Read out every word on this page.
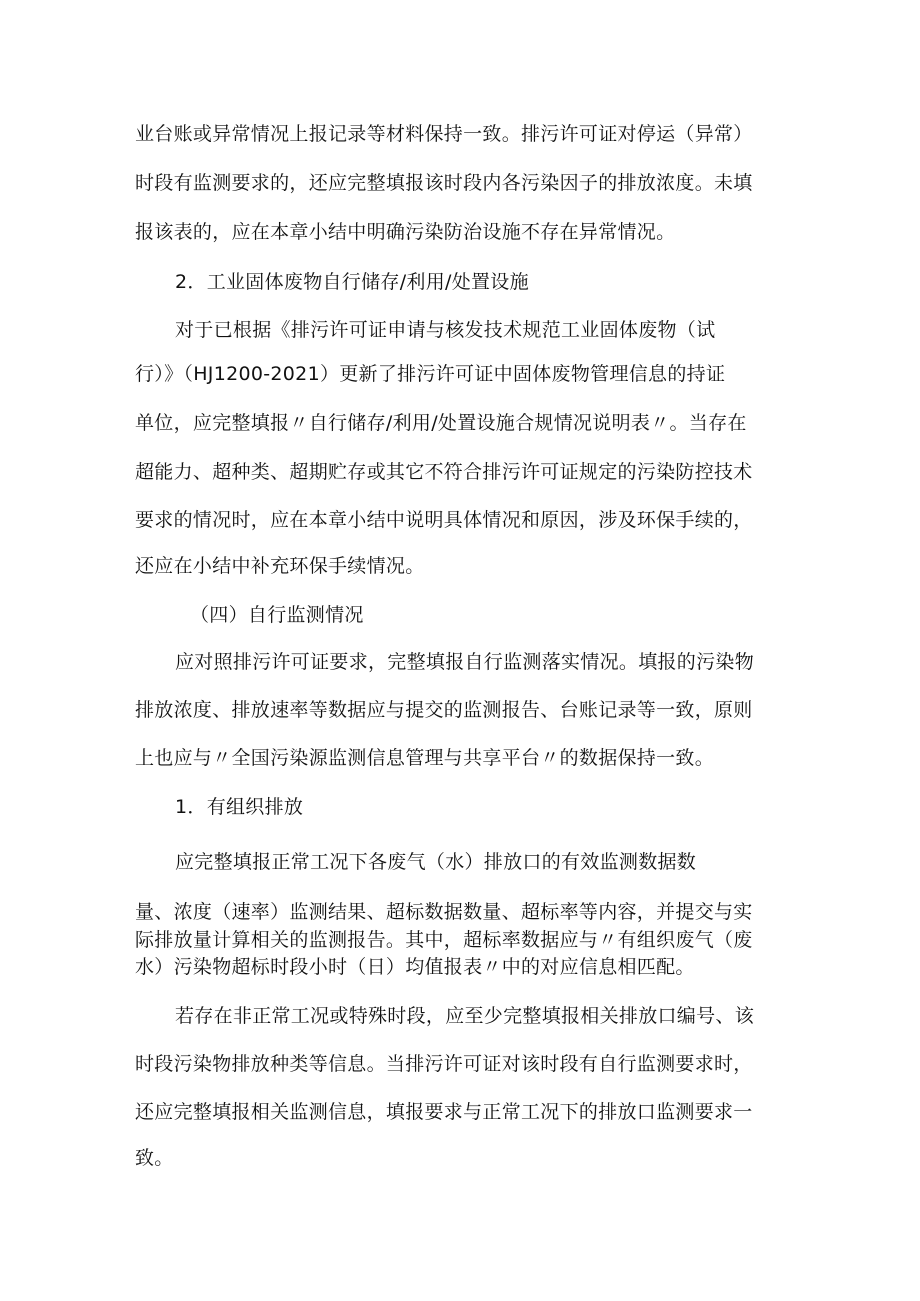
业台账或异常情况上报记录等材料保持一致。排污许可证对停运（异常）
时段有监测要求的，还应完整填报该时段内各污染因子的排放浓度。未填
报该表的，应在本章小结中明确污染防治设施不存在异常情况。
2．工业固体废物自行储存/利用/处置设施
对于已根据《排污许可证申请与核发技术规范工业固体废物（试
行）》（HJ1200-2021）更新了排污许可证中固体废物管理信息的持证
单位，应完整填报〃自行储存/利用/处置设施合规情况说明表〃。当存在
超能力、超种类、超期贮存或其它不符合排污许可证规定的污染防控技术
要求的情况时，应在本章小结中说明具体情况和原因，涉及环保手续的，
还应在小结中补充环保手续情况。
（四）自行监测情况
应对照排污许可证要求，完整填报自行监测落实情况。填报的污染物
排放浓度、排放速率等数据应与提交的监测报告、台账记录等一致，原则
上也应与〃全国污染源监测信息管理与共享平台〃的数据保持一致。
1．有组织排放
应完整填报正常工况下各废气（水）排放口的有效监测数据数
量、浓度（速率）监测结果、超标数据数量、超标率等内容，并提交与实
际排放量计算相关的监测报告。其中，超标率数据应与〃有组织废气（废
水）污染物超标时段小时（日）均值报表〃中的对应信息相匹配。
若存在非正常工况或特殊时段，应至少完整填报相关排放口编号、该
时段污染物排放种类等信息。当排污许可证对该时段有自行监测要求时，
还应完整填报相关监测信息，填报要求与正常工况下的排放口监测要求一
致。
